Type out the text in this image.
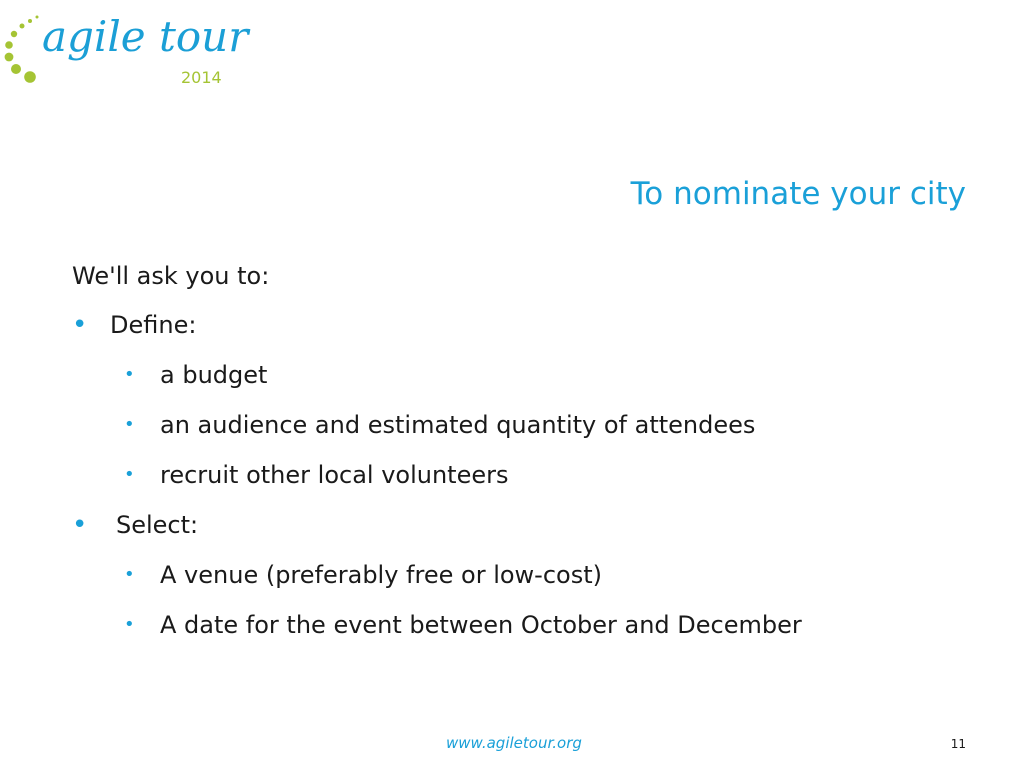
agile tour
2014
To nominate your city

We'll ask you to:

• Define:
• a budget
• an audience and estimated quantity of attendees
• recruit other local volunteers
• Select:
• A venue (preferably free or low-cost)
• A date for the event between October and December
www.agiletour.org	11
